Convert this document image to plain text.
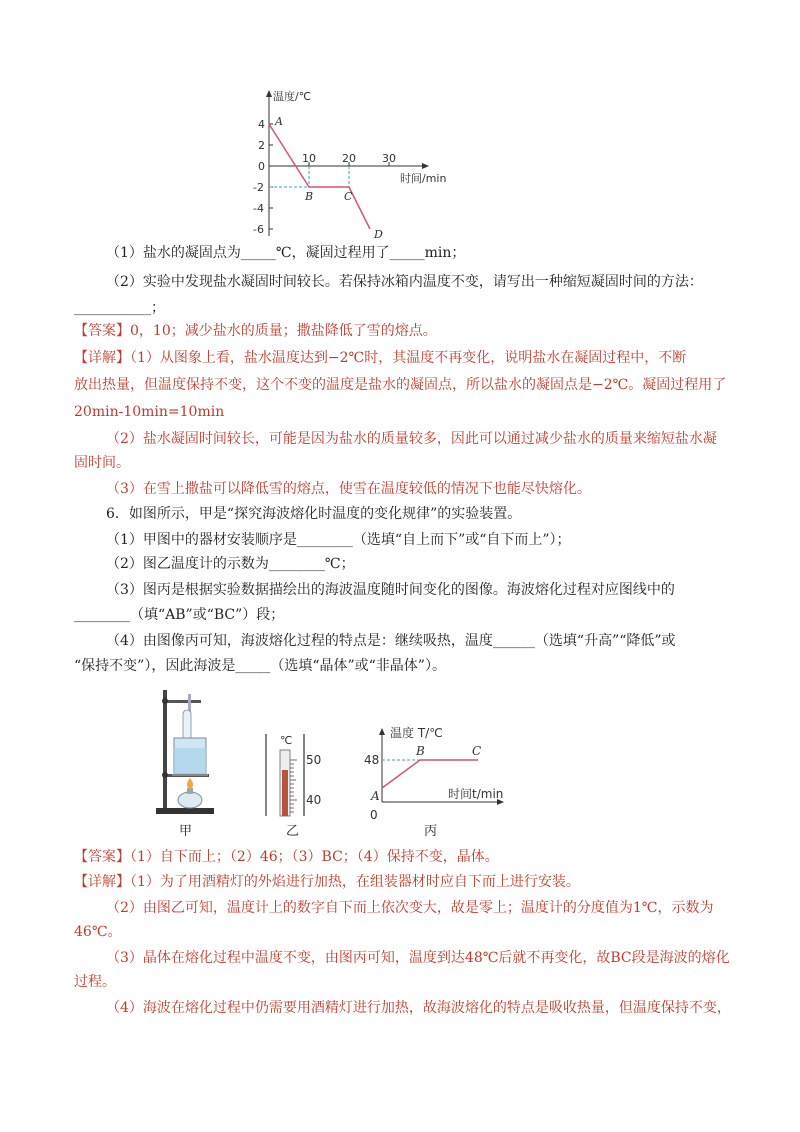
温度/℃
时间/min
4
2
0
-2
-4
-6
10 20 30
A
B	C
D
（1）盐水的凝固点为_____℃，凝固过程用了_____min；
（2）实验中发现盐水凝固时间较长。若保持冰箱内温度不变，请写出一种缩短凝固时间的方法：
___________；
【答案】0，10；减少盐水的质量；撒盐降低了雪的熔点。
【详解】（1）从图象上看，盐水温度达到−2℃时，其温度不再变化，说明盐水在凝固过程中，不断
放出热量，但温度保持不变，这个不变的温度是盐水的凝固点，所以盐水的凝固点是−2℃。凝固过程用了
20min-10min=10min
（2）盐水凝固时间较长，可能是因为盐水的质量较多，因此可以通过减少盐水的质量来缩短盐水凝
固时间。
（3）在雪上撒盐可以降低雪的熔点，使雪在温度较低的情况下也能尽快熔化。
6．如图所示，甲是“探究海波熔化时温度的变化规律”的实验装置。
（1）甲图中的器材安装顺序是________（选填“自上而下”或“自下而上”）；
（2）图乙温度计的示数为________℃；
（3）图丙是根据实验数据描绘出的海波温度随时间变化的图像。海波熔化过程对应图线中的
________（填“AB”或“BC”）段；
（4）由图像丙可知，海波熔化过程的特点是：继续吸热，温度______（选填“升高”“降低”或
“保持不变”），因此海波是_____（选填“晶体”或“非晶体”）。
甲
℃
50
40
乙
温度 T/℃
时间t/min
48
0
A
B	C
丙
【答案】（1）自下而上；（2）46；（3）BC；（4）保持不变，晶体。
【详解】（1）为了用酒精灯的外焰进行加热，在组装器材时应自下而上进行安装。
（2）由图乙可知，温度计上的数字自下而上依次变大，故是零上；温度计的分度值为1℃，示数为
46℃。
（3）晶体在熔化过程中温度不变，由图丙可知，温度到达48℃后就不再变化，故BC段是海波的熔化
过程。
（4）海波在熔化过程中仍需要用酒精灯进行加热，故海波熔化的特点是吸收热量，但温度保持不变，
